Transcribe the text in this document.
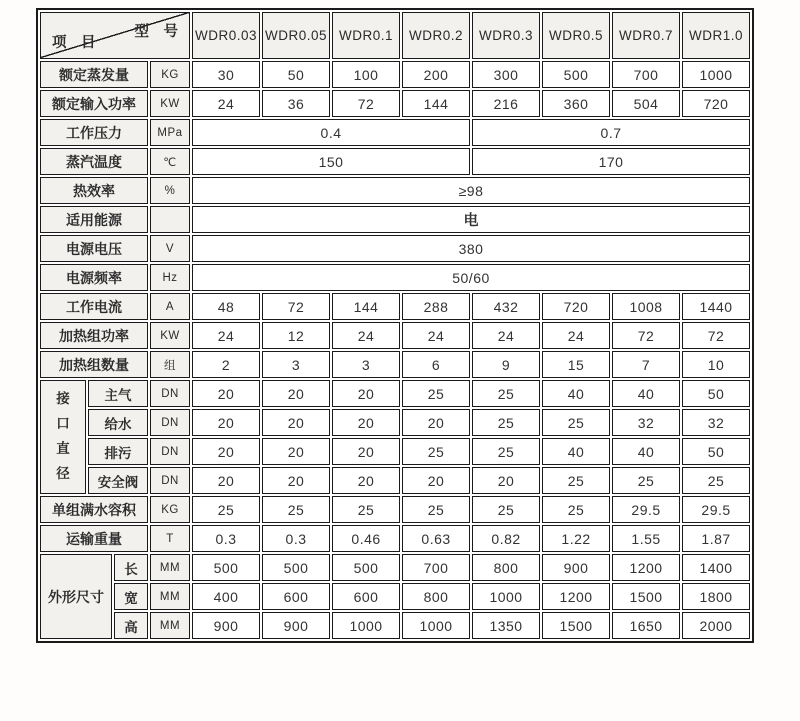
型　号
项　目				WDR0.03	WDR0.05	WDR0.1	WDR0.2	WDR0.3	WDR0.5	WDR0.7	WDR1.0
额定蒸发量			KG	30	50	100	200	300	500	700	1000
额定输入功率			KW	24	36	72	144	216	360	504	720
工作压力			MPa	0.4				0.7			
蒸汽温度			℃	150				170			
热效率			%	≥98							
适用能源				电							
电源电压			V	380							
电源频率			Hz	50/60							
工作电流			A	48	72	144	288	432	720	1008	1440
加热组功率			KW	24	12	24	24	24	24	72	72
加热组数量			组	2	3	3	6	9	15	7	10
接
口
直
径	主气		DN	20	20	20	25	25	40	40	50
	给水		DN	20	20	20	20	25	25	32	32
	排污		DN	20	20	20	25	25	40	40	50
	安全阀		DN	20	20	20	20	20	25	25	25
单组满水容积			KG	25	25	25	25	25	25	29.5	29.5
运输重量			T	0.3	0.3	0.46	0.63	0.82	1.22	1.55	1.87
外形尺寸		长	MM	500	500	500	700	800	900	1200	1400
		宽	MM	400	600	600	800	1000	1200	1500	1800
		高	MM	900	900	1000	1000	1350	1500	1650	2000
